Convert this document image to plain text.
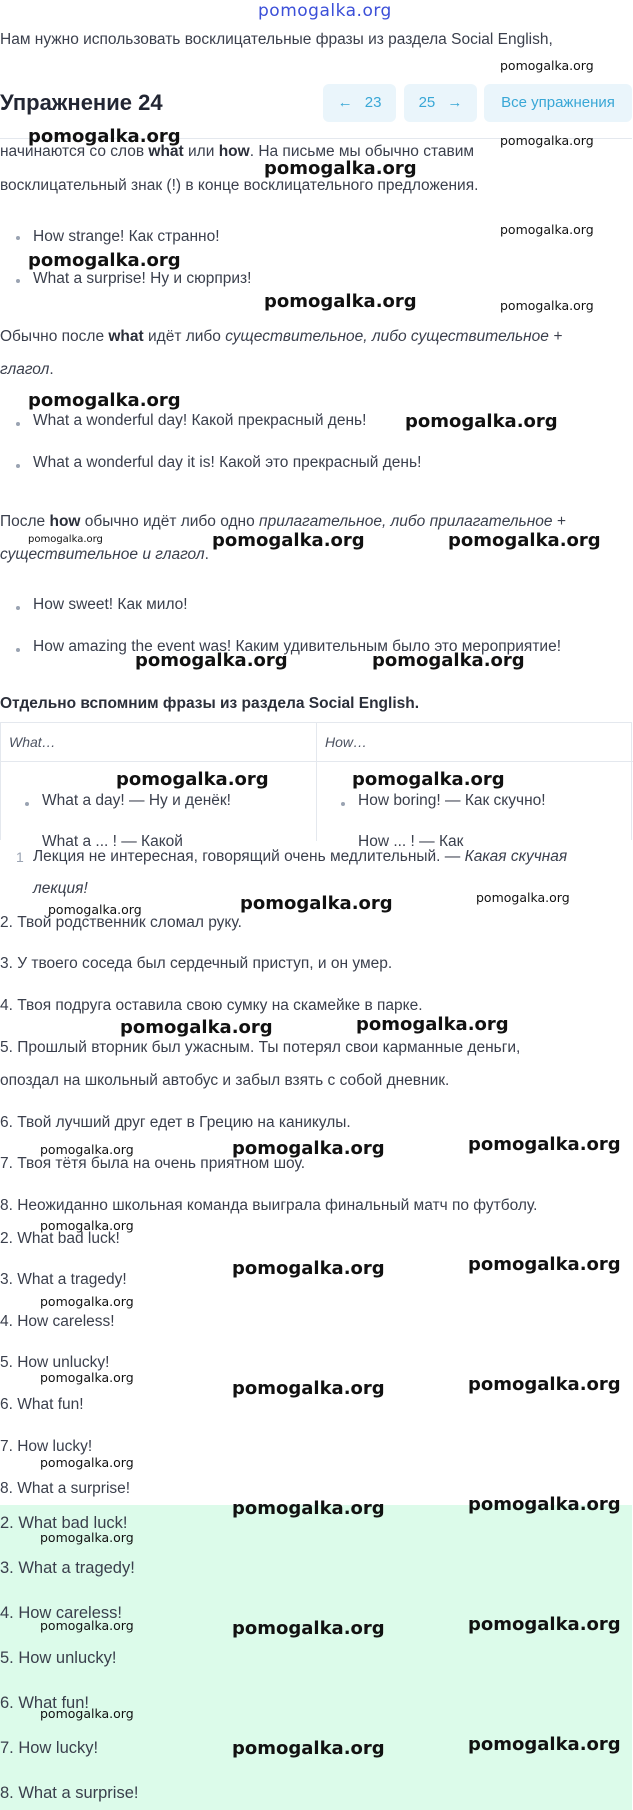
pomogalka.org
Нам нужно использовать восклицательные фразы из раздела Social English,
Упражнение 24	← 23	25 →	Все упражнения
начинаются со слов what или how. На письме мы обычно ставим
восклицательный знак (!) в конце восклицательного предложения.
How strange! Как странно!
What a surprise! Ну и сюрприз!
Обычно после what идёт либо существительное, либо существительное +
глагол.
What a wonderful day! Какой прекрасный день!
What a wonderful day it is! Какой это прекрасный день!
После how обычно идёт либо одно прилагательное, либо прилагательное +
существительное и глагол.
How sweet! Как мило!
How amazing the event was! Каким удивительным было это мероприятие!
Отдельно вспомним фразы из раздела Social English.
What…	How…
What a day! — Ну и денёк!	How boring! — Как скучно!
What a ... ! — Какой	How ... ! — Как
1 Лекция не интересная, говорящий очень медлительный. — Какая скучная
лекция!
2. Твой родственник сломал руку.
3. У твоего соседа был сердечный приступ, и он умер.
4. Твоя подруга оставила свою сумку на скамейке в парке.
5. Прошлый вторник был ужасным. Ты потерял свои карманные деньги,
опоздал на школьный автобус и забыл взять с собой дневник.
6. Твой лучший друг едет в Грецию на каникулы.
7. Твоя тётя была на очень приятном шоу.
8. Неожиданно школьная команда выиграла финальный матч по футболу.
2. What bad luck!
3. What a tragedy!
4. How careless!
5. How unlucky!
6. What fun!
7. How lucky!
8. What a surprise!
2. What bad luck!
3. What a tragedy!
4. How careless!
5. How unlucky!
6. What fun!
7. How lucky!
8. What a surprise!
pomogalka.org
pomogalka.org	pomogalka.org
pomogalka.org
pomogalka.org
pomogalka.org
pomogalka.org	pomogalka.org
pomogalka.org
pomogalka.org
pomogalka.org	pomogalka.org	pomogalka.org
pomogalka.org	pomogalka.org
pomogalka.org	pomogalka.org
pomogalka.org	pomogalka.org	pomogalka.org
pomogalka.org	pomogalka.org
pomogalka.org	pomogalka.org	pomogalka.org
pomogalka.org
pomogalka.org	pomogalka.org
pomogalka.org
pomogalka.org
pomogalka.org	pomogalka.org
pomogalka.org
pomogalka.org	pomogalka.org
pomogalka.org
pomogalka.org	pomogalka.org	pomogalka.org
pomogalka.org
pomogalka.org	pomogalka.org
